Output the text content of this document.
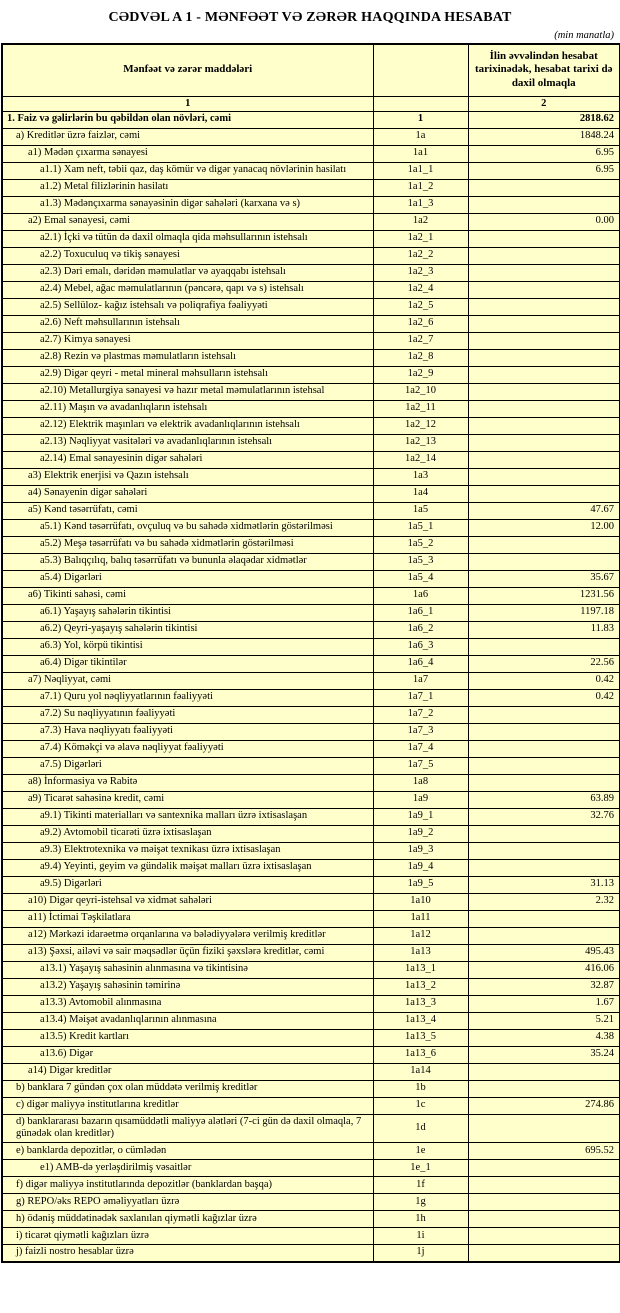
CƏDVƏL A 1 - MƏNFƏƏT VƏ ZƏRƏR HAQQINDA HESABAT
(min manatla)
Mənfəət və zərər maddələri		İlin əvvəlindən hesabat tarixinədək, hesabat tarixi də daxil olmaqla
1		2
1. Faiz və gəlirlərin bu qəbildən olan növləri, cəmi	1	2818.62
a) Kreditlər üzrə faizlər, cəmi	1a	1848.24
a1) Mədən çıxarma sənayesi	1a1	6.95
a1.1) Xam neft, təbii qaz, daş kömür və digər yanacaq növlərinin hasilatı	1a1_1	6.95
a1.2) Metal filizlərinin hasilatı	1a1_2	
a1.3) Mədənçıxarma sənayəsinin digər sahələri (karxana və s)	1a1_3	
a2) Emal sənayesi, cəmi	1a2	0.00
a2.1) İçki və tütün də daxil olmaqla qida məhsullarının istehsalı	1a2_1	
a2.2) Toxuculuq və tikiş sənayesi	1a2_2	
a2.3) Dəri emalı, dəridən məmulatlar və ayaqqabı istehsalı	1a2_3	
a2.4) Mebel, ağac məmulatlarının (pəncərə, qapı və s) istehsalı	1a2_4	
a2.5) Sellüloz- kağız istehsalı və poliqrafiya fəaliyyəti	1a2_5	
a2.6) Neft məhsullarının istehsalı	1a2_6	
a2.7) Kimya sənayesi	1a2_7	
a2.8) Rezin və plastmas məmulatların istehsalı	1a2_8	
a2.9) Digər qeyri - metal mineral məhsulların istehsalı	1a2_9	
a2.10) Metallurgiya sənayesi və hazır metal məmulatlarının istehsal	1a2_10	
a2.11) Maşın və avadanlıqların istehsalı	1a2_11	
a2.12) Elektrik maşınları və elektrik avadanlıqlarının istehsalı	1a2_12	
a2.13) Nəqliyyat vasitələri və avadanlıqlarının istehsalı	1a2_13	
a2.14) Emal sənayesinin digər sahələri	1a2_14	
a3) Elektrik enerjisi və Qazın istehsalı	1a3	
a4) Sənayenin digər sahələri	1a4	
a5) Kənd təsərrüfatı, cəmi	1a5	47.67
a5.1) Kənd təsərrüfatı, ovçuluq və bu sahədə xidmətlərin göstərilməsi	1a5_1	12.00
a5.2) Meşə təsərrüfatı və bu sahədə xidmətlərin göstərilməsi	1a5_2	
a5.3) Balıqçılıq, balıq təsərrüfatı və bununla əlaqədar xidmətlər	1a5_3	
a5.4) Digərləri	1a5_4	35.67
a6) Tikinti sahəsi, cəmi	1a6	1231.56
a6.1) Yaşayış sahələrin tikintisi	1a6_1	1197.18
a6.2) Qeyri-yaşayış sahələrin tikintisi	1a6_2	11.83
a6.3) Yol, körpü tikintisi	1a6_3	
a6.4) Digər tikintilər	1a6_4	22.56
a7) Nəqliyyat, cəmi	1a7	0.42
a7.1) Quru yol nəqliyyatlarının fəaliyyəti	1a7_1	0.42
a7.2) Su nəqliyyatının fəaliyyəti	1a7_2	
a7.3) Hava nəqliyyatı fəaliyyəti	1a7_3	
a7.4) Köməkçi və əlavə nəqliyyat fəaliyyəti	1a7_4	
a7.5) Digərləri	1a7_5	
a8) İnformasiya və Rabitə	1a8	
a9) Ticarət sahəsinə kredit, cəmi	1a9	63.89
a9.1) Tikinti materialları və santexnika malları üzrə ixtisaslaşan	1a9_1	32.76
a9.2) Avtomobil ticarəti üzrə ixtisaslaşan	1a9_2	
a9.3) Elektrotexnika və məişət texnikası üzrə ixtisaslaşan	1a9_3	
a9.4) Yeyinti, geyim və gündəlik məişət malları üzrə ixtisaslaşan	1a9_4	
a9.5) Digərləri	1a9_5	31.13
a10) Digər qeyri-istehsal və xidmət sahələri	1a10	2.32
a11) İctimai Təşkilatlara	1a11	
a12) Mərkəzi idarəetmə orqanlarına və bələdiyyələrə verilmiş kreditlər	1a12	
a13) Şəxsi, ailəvi və sair məqsədlər üçün fiziki şəxslərə kreditlər, cəmi	1a13	495.43
a13.1) Yaşayış sahəsinin alınmasına və tikintisinə	1a13_1	416.06
a13.2) Yaşayış sahəsinin təmirinə	1a13_2	32.87
a13.3) Avtomobil alınmasına	1a13_3	1.67
a13.4) Məişət avadanlıqlarının alınmasına	1a13_4	5.21
a13.5) Kredit kartları	1a13_5	4.38
a13.6) Digər	1a13_6	35.24
a14) Digər kreditlər	1a14	
b) banklara 7 gündən çox olan müddətə verilmiş kreditlər	1b	
c) digər maliyyə institutlarına kreditlər	1c	274.86
d) banklararası bazarın qısamüddətli maliyyə alətləri (7-ci gün də daxil olmaqla, 7 günədək olan kreditlər)	1d	
e) banklarda depozitlər, o cümlədən	1e	695.52
e1) AMB-də yerləşdirilmiş vəsaitlər	1e_1	
f) digər maliyyə institutlarında depozitlər (banklardan başqa)	1f	
g) REPO/əks REPO əməliyyatları üzrə	1g	
h) ödəniş müddətinədək saxlanılan qiymətli kağızlar üzrə	1h	
i) ticarət qiymətli kağızları üzrə	1i	
j) faizli nostro hesablar üzrə	1j	
